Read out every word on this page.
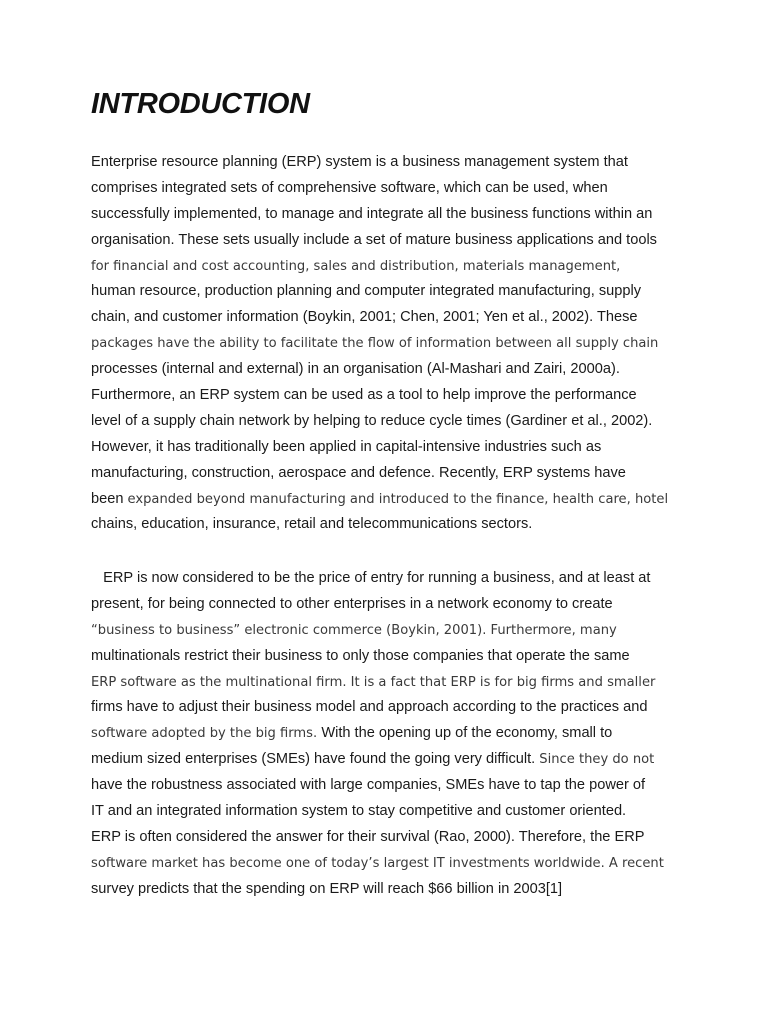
INTRODUCTION
Enterprise resource planning (ERP) system is a business management system that
comprises integrated sets of comprehensive software, which can be used, when
successfully implemented, to manage and integrate all the business functions within an
organisation. These sets usually include a set of mature business applications and tools
for financial and cost accounting, sales and distribution, materials management,
human resource, production planning and computer integrated manufacturing, supply
chain, and customer information (Boykin, 2001; Chen, 2001; Yen et al., 2002). These
packages have the ability to facilitate the flow of information between all supply chain
processes (internal and external) in an organisation (Al-Mashari and Zairi, 2000a).
Furthermore, an ERP system can be used as a tool to help improve the performance
level of a supply chain network by helping to reduce cycle times (Gardiner et al., 2002).
However, it has traditionally been applied in capital-intensive industries such as
manufacturing, construction, aerospace and defence. Recently, ERP systems have
been expanded beyond manufacturing and introduced to the finance, health care, hotel
chains, education, insurance, retail and telecommunications sectors.
ERP is now considered to be the price of entry for running a business, and at least at
present, for being connected to other enterprises in a network economy to create
“business to business” electronic commerce (Boykin, 2001). Furthermore, many
multinationals restrict their business to only those companies that operate the same
ERP software as the multinational firm. It is a fact that ERP is for big firms and smaller
firms have to adjust their business model and approach according to the practices and
software adopted by the big firms. With the opening up of the economy, small to
medium sized enterprises (SMEs) have found the going very difficult. Since they do not
have the robustness associated with large companies, SMEs have to tap the power of
IT and an integrated information system to stay competitive and customer oriented.
ERP is often considered the answer for their survival (Rao, 2000). Therefore, the ERP
software market has become one of today’s largest IT investments worldwide. A recent
survey predicts that the spending on ERP will reach $66 billion in 2003[1]
